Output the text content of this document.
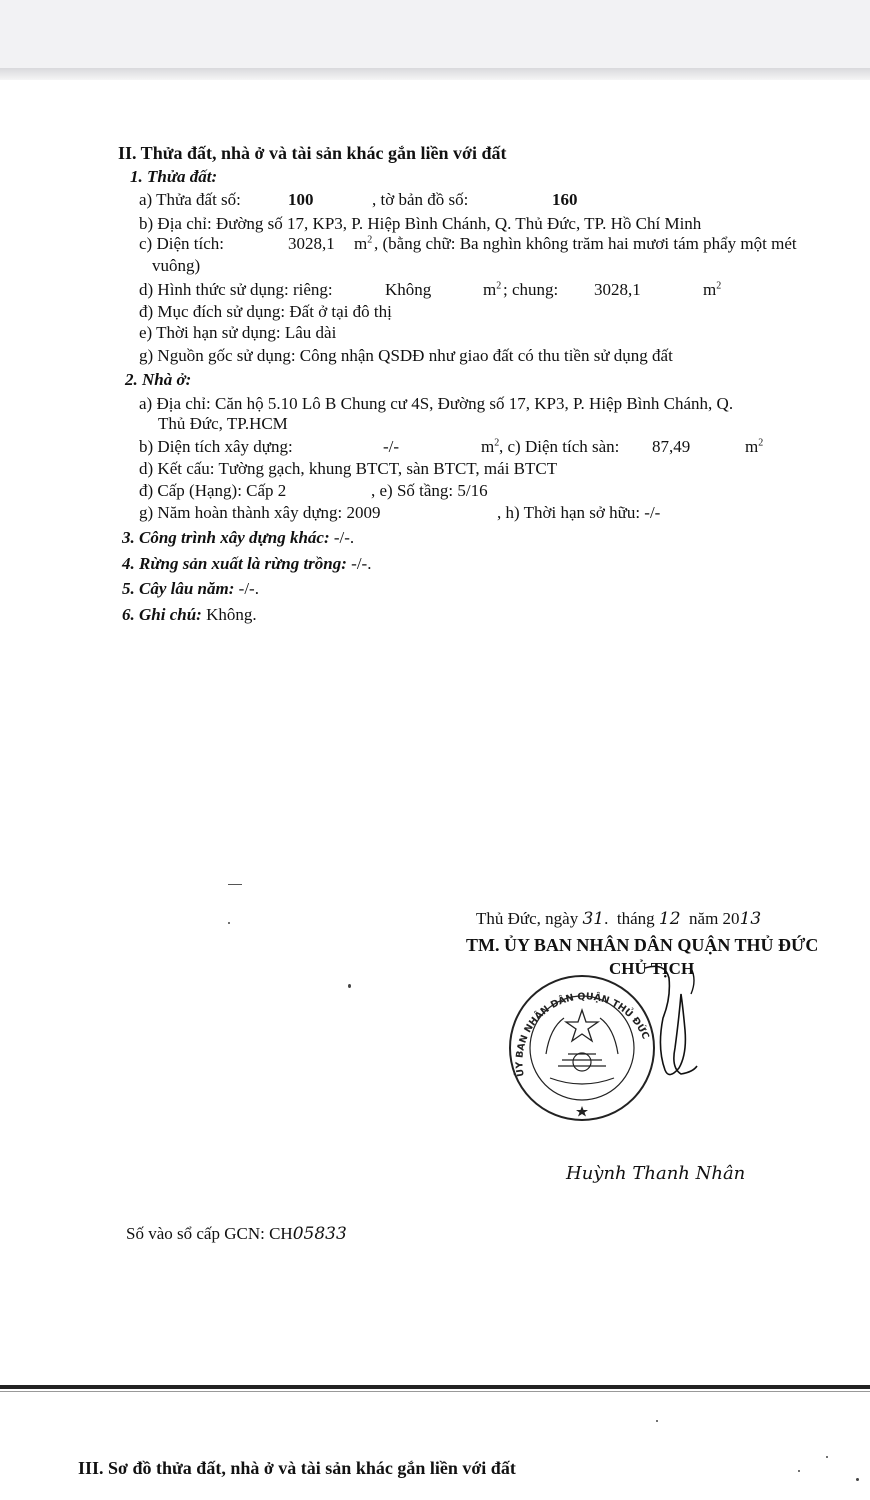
II. Thửa đất, nhà ở và tài sản khác gắn liền với đất
1. Thửa đất:
a) Thửa đất số:	100	, tờ bản đồ số:	160
b) Địa chỉ: Đường số 17, KP3, P. Hiệp Bình Chánh, Q. Thủ Đức, TP. Hồ Chí Minh
c) Diện tích:	3028,1 $m^2$ , (bằng chữ: Ba nghìn không trăm hai mươi tám phẩy một mét
vuông)
d) Hình thức sử dụng: riêng:	Không	$m^2$ ; chung: 3028,1	$m^2$
đ) Mục đích sử dụng: Đất ở tại đô thị
e) Thời hạn sử dụng: Lâu dài
g) Nguồn gốc sử dụng: Công nhận QSDĐ như giao đất có thu tiền sử dụng đất
2. Nhà ở:
a) Địa chỉ: Căn hộ 5.10 Lô B Chung cư 4S, Đường số 17, KP3, P. Hiệp Bình Chánh, Q.
Thủ Đức, TP.HCM
b) Diện tích xây dựng:	-/-	$m^2$ , c) Diện tích sàn: 87,49	$m^2$
d) Kết cấu: Tường gạch, khung BTCT, sàn BTCT, mái BTCT
đ) Cấp (Hạng): Cấp 2	, e) Số tầng: 5/16
g) Năm hoàn thành xây dựng: 2009	, h) Thời hạn sở hữu: -/-
3. Công trình xây dựng khác: -/-.
4. Rừng sản xuất là rừng trồng: -/-.
5. Cây lâu năm: -/-.
6. Ghi chú: Không.
Thủ Đức, ngày 31. tháng 12 năm 2013
TM. ỦY BAN NHÂN DÂN QUẬN THỦ ĐỨC
CHỦ TỊCH
ỦY BAN NHÂN DÂN QUẬN THỦ ĐỨC
Huỳnh Thanh Nhân
Số vào sổ cấp GCN: CH05833
III. Sơ đồ thửa đất, nhà ở và tài sản khác gắn liền với đất
